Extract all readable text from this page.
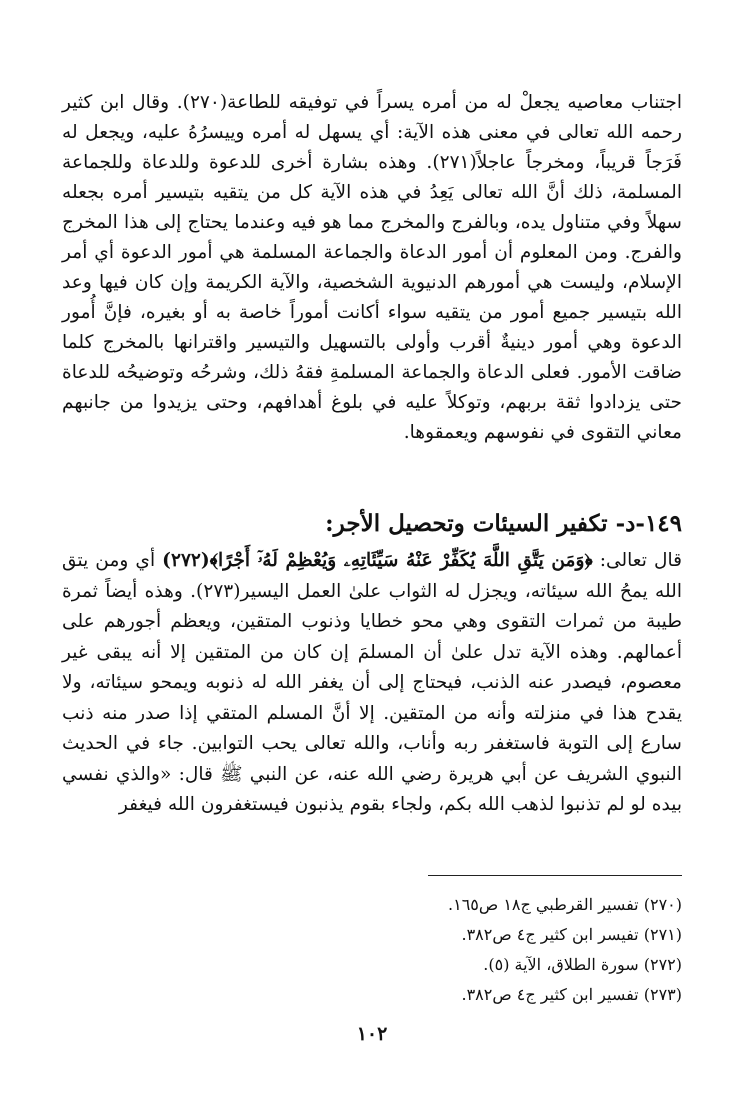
اجتناب معاصيه يجعلْ له من أمره يسراً في توفيقه للطاعة(٢٧٠). وقال ابن كثير رحمه الله تعالى في معنى هذه الآية: أي يسهل له أمره وييسرُهُ عليه، ويجعل له فَرَجاً قريباً، ومخرجاً عاجلاً(٢٧١). وهذه بشارة أخرى للدعوة وللدعاة وللجماعة المسلمة، ذلك أنَّ الله تعالى يَعِدُ في هذه الآية كل من يتقيه بتيسير أمره بجعله سهلاً وفي متناول يده، وبالفرج والمخرج مما هو فيه وعندما يحتاج إلى هذا المخرج والفرج. ومن المعلوم أن أمور الدعاة والجماعة المسلمة هي أمور الدعوة أي أمر الإسلام، وليست هي أمورهم الدنيوية الشخصية، والآية الكريمة وإن كان فيها وعد الله بتيسير جميع أمور من يتقيه سواء أكانت أموراً خاصة به أو بغيره، فإنَّ أُمور الدعوة وهي أمور دينيةٌ أقرب وأولى بالتسهيل والتيسير واقترانها بالمخرج كلما ضاقت الأمور. فعلى الدعاة والجماعة المسلمةِ فقهُ ذلك، وشرحُه وتوضيحُه للدعاة حتى يزدادوا ثقة بربهم، وتوكلاً عليه في بلوغ أهدافهم، وحتى يزيدوا من جانبهم معاني التقوى في نفوسهم ويعمقوها.

١٤٩-د- تكفير السيئات وتحصيل الأجر:

قال تعالى: ﴿وَمَن يَتَّقِ اللَّهَ يُكَفِّرْ عَنْهُ سَيِّئَاتِهِۦ وَيُعْظِمْ لَهُۥٓ أَجْرًا﴾(٢٧٢) أي ومن يتق الله يمحُ الله سيئاته، ويجزل له الثواب علىٰ العمل اليسير(٢٧٣). وهذه أيضاً ثمرة طيبة من ثمرات التقوى وهي محو خطايا وذنوب المتقين، ويعظم أجورهم على أعمالهم. وهذه الآية تدل علىٰ أن المسلمَ إن كان من المتقين إلا أنه يبقى غير معصوم، فيصدر عنه الذنب، فيحتاج إلى أن يغفر الله له ذنوبه ويمحو سيئاته، ولا يقدح هذا في منزلته وأنه من المتقين. إلا أنَّ المسلم المتقي إذا صدر منه ذنب سارع إلى التوبة فاستغفر ربه وأناب، والله تعالى يحب التوابين. جاء في الحديث النبوي الشريف عن أبي هريرة رضي الله عنه، عن النبي ﷺ قال: «والذي نفسي بيده لو لم تذنبوا لذهب الله بكم، ولجاء بقوم يذنبون فيستغفرون الله فيغفر

(٢٧٠) تفسير القرطبي ج١٨ ص١٦٥.
(٢٧١) تفيسر ابن كثير ج٤ ص٣٨٢.
(٢٧٢) سورة الطلاق، الآية (٥).
(٢٧٣) تفسير ابن كثير ج٤ ص٣٨٢.
١٠٢
